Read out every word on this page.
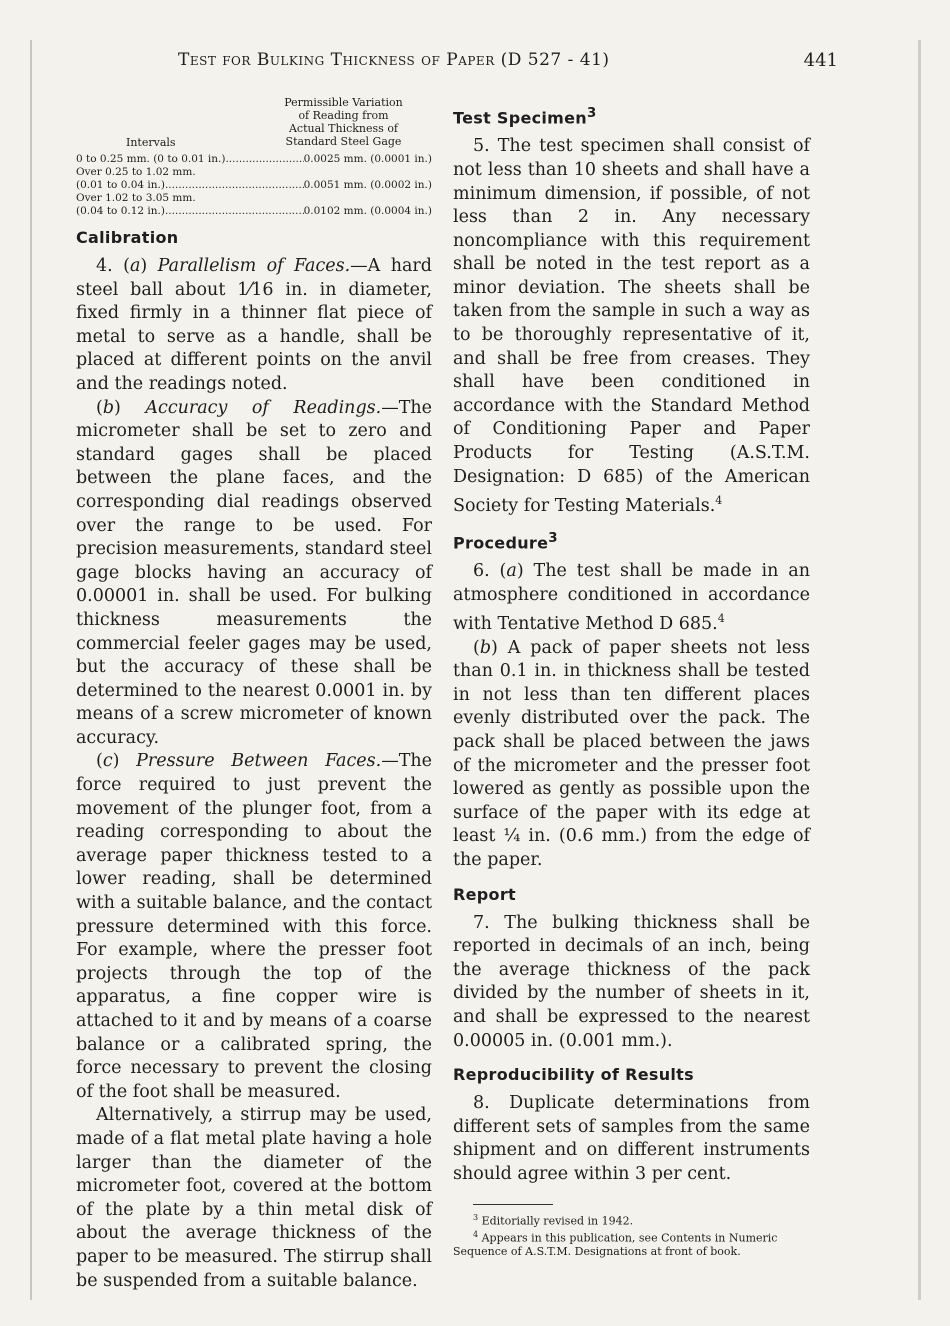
Test for Bulking Thickness of Paper (D 527 - 41)	441
Permissible Variation
of Reading from
Actual Thickness of
Standard Steel Gage
Intervals
0 to 0.25 mm. (0 to 0.01 in.) .....	0.0025 mm. (0.0001 in.)
Over 0.25 to 1.02 mm.
(0.01 to 0.04 in.) .....	0.0051 mm. (0.0002 in.)
Over 1.02 to 3.05 mm.
(0.04 to 0.12 in.) .....	0.0102 mm. (0.0004 in.)
Calibration

4. (a) Parallelism of Faces.—A hard steel ball about 1⁄16 in. in diameter, fixed firmly in a thinner flat piece of metal to serve as a handle, shall be placed at different points on the anvil and the readings noted.

(b) Accuracy of Readings.—The micrometer shall be set to zero and standard gages shall be placed between the plane faces, and the corresponding dial readings observed over the range to be used. For precision measurements, standard steel gage blocks having an accuracy of 0.00001 in. shall be used. For bulking thickness measurements the commercial feeler gages may be used, but the accuracy of these shall be determined to the nearest 0.0001 in. by means of a screw micrometer of known accuracy.

(c) Pressure Between Faces.—The force required to just prevent the movement of the plunger foot, from a reading corresponding to about the average paper thickness tested to a lower reading, shall be determined with a suitable balance, and the contact pressure determined with this force. For example, where the presser foot projects through the top of the apparatus, a fine copper wire is attached to it and by means of a coarse balance or a calibrated spring, the force necessary to prevent the closing of the foot shall be measured.

Alternatively, a stirrup may be used, made of a flat metal plate having a hole larger than the diameter of the micrometer foot, covered at the bottom of the plate by a thin metal disk of about the average thickness of the paper to be measured. The stirrup shall be suspended from a suitable balance.

Test Specimen$^3$

5. The test specimen shall consist of not less than 10 sheets and shall have a minimum dimension, if possible, of not less than 2 in. Any necessary noncompliance with this requirement shall be noted in the test report as a minor deviation. The sheets shall be taken from the sample in such a way as to be thoroughly representative of it, and shall be free from creases. They shall have been conditioned in accordance with the Standard Method of Conditioning Paper and Paper Products for Testing (A.S.T.M. Designation: D 685) of the American Society for Testing Materials.$^4$

Procedure$^3$

6. (a) The test shall be made in an atmosphere conditioned in accordance with Tentative Method D 685.$^4$

(b) A pack of paper sheets not less than 0.1 in. in thickness shall be tested in not less than ten different places evenly distributed over the pack. The pack shall be placed between the jaws of the micrometer and the presser foot lowered as gently as possible upon the surface of the paper with its edge at least ¼ in. (0.6 mm.) from the edge of the paper.

Report

7. The bulking thickness shall be reported in decimals of an inch, being the average thickness of the pack divided by the number of sheets in it, and shall be expressed to the nearest 0.00005 in. (0.001 mm.).

Reproducibility of Results

8. Duplicate determinations from different sets of samples from the same shipment and on different instruments should agree within 3 per cent.

$^3$ Editorially revised in 1942.

$^4$ Appears in this publication, see Contents in Numeric Sequence of A.S.T.M. Designations at front of book.
